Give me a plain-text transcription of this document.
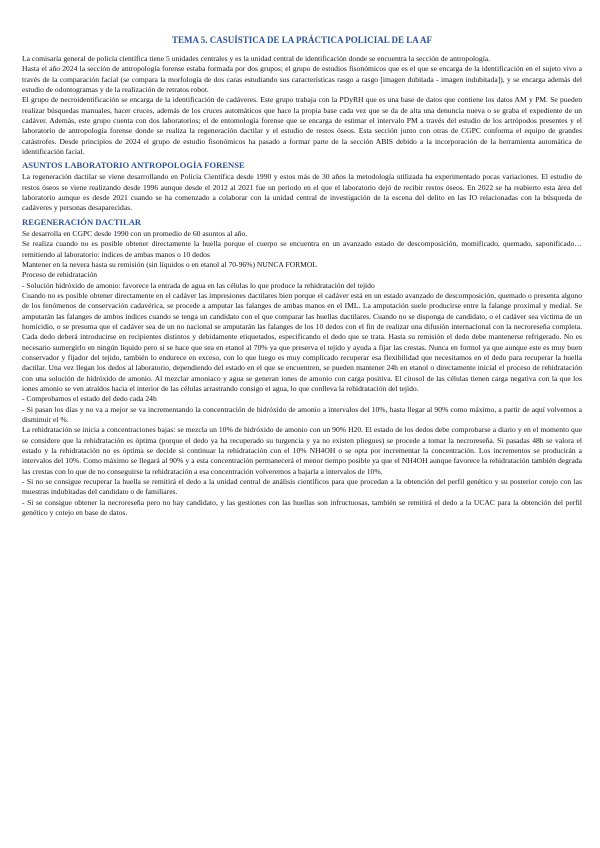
TEMA 5. CASUÍSTICA DE LA PRÁCTICA POLICIAL DE LA AF

La comisaría general de policía científica tiene 5 unidades centrales y es la unidad central de identificación donde se encuentra la sección de antropología.

Hasta el año 2024 la sección de antropología forense estaba formada por dos grupos; el grupo de estudios fisonómicos que es el que se encarga de la identificación en el sujeto vivo a través de la comparación facial (se compara la morfología de dos caras estudiando sus características rasgo a rasgo [imagen dubitada - imagen indubitada]), y se encarga además del estudio de odontogramas y de la realización de retratos robot.

El grupo de necroidentificación se encarga de la identificación de cadáveres. Este grupo trabaja con la PDyRH que es una base de datos que contiene los datos AM y PM. Se pueden realizar búsquedas manuales, hacer cruces, además de los cruces automáticos que hace la propia base cada vez que se da de alta una denuncia nueva o se graba el expediente de un cadáver. Además, este grupo cuenta con dos laboratorios; el de entomología forense que se encarga de estimar el intervalo PM a través del estudio de los artrópodos presentes y el laboratorio de antropología forense donde se realiza la regeneración dactilar y el estudio de restos óseos. Esta sección junto con otras de CGPC conforma el equipo de grandes catástrofes. Desde principios de 2024 el grupo de estudio fisonómicos ha pasado a formar parte de la sección ABIS debido a la incorporación de la herramienta automática de identificación facial.

ASUNTOS LABORATORIO ANTROPOLOGÍA FORENSE

La regeneración dactilar se viene desarrollando en Policía Científica desde 1990 y estos más de 30 años la metodología utilizada ha experimentado pocas variaciones. El estudio de restos óseos se viene realizando desde 1996 aunque desde el 2012 al 2021 fue un periodo en el que el laboratorio dejó de recibir restos óseos. En 2022 se ha reabierto esta área del laboratorio aunque es desde 2021 cuando se ha comenzado a colaborar con la unidad central de investigación de la escena del delito en las IO relacionadas con la búsqueda de cadáveres y personas desaparecidas.

REGENERACIÓN DACTILAR

Se desarrolla en CGPC desde 1990 con un promedio de 60 asuntos al año.

Se realiza cuando no es posible obtener directamente la huella porque el cuerpo se encuentra en un avanzado estado de descomposición, momificado, quemado, saponificado… remitiendo al laboratorio: índices de ambas manos o 10 dedos

Mantener en la nevera hasta su remisión (sin líquidos o en etanol al 70-96%) NUNCA FORMOL

Proceso de rehidratación

- Solución hidróxido de amonio: favorece la entrada de agua en las células lo que produce la rehidratación del tejido

Cuando no es posible obtener directamente en el cadáver las impresiones dactilares bien porque el cadáver está en un estado avanzado de descomposición, quemado o presenta alguno de los fenómenos de conservación cadavérica, se procede a amputar las falanges de ambas manos en el IML. La amputación suele producirse entre la falange proximal y medial. Se amputarán las falanges de ambos índices cuando se tenga un candidato con el que comparar las huellas dactilares. Cuando no se disponga de candidato, o el cadáver sea víctima de un homicidio, o se presuma que el cadáver sea de un no nacional se amputarán las falanges de los 10 dedos con el fin de realizar una difusión internacional con la necroreseña completa. Cada dedo deberá introducirse en recipientes distintos y debidamente etiquetados, especificando el dedo que se trata. Hasta su remisión el dedo debe mantenerse refrigerado. No es necesario sumergirlo en ningún líquido pero si se hace que sea en etanol al 70% ya que preserva el tejido y ayuda a fijar las crestas. Nunca en formol ya que aunque este es muy buen conservador y fijador del tejido, también lo endurece en exceso, con lo que luego es muy complicado recuperar esa flexibilidad que necesitamos en el dedo para recuperar la huella dactilar. Una vez llegan los dedos al laboratorio, dependiendo del estado en el que se encuentren, se pueden mantener 24h en etanol o directamente inicial el proceso de rehidratación con una solución de hidróxido de amonio. Al mezclar amoniaco y agua se generan iones de amonio con carga positiva. El citosol de las células tienen carga negativa con la que los iones amonio se ven atraídos hacia el interior de las células arrastrando consigo el agua, lo que conlleva la rehidratación del tejido.

- Comprobamos el estado del dedo cada 24h

- Si pasan los días y no va a mejor se va incrementando la concentración de hidróxido de amonio a intervalos del 10%, hasta llegar al 90% como máximo, a partir de aquí volvemos a disminuir el %.

La rehidratación se inicia a concentraciones bajas: se mezcla un 10% de hidróxido de amonio con un 90% H20. El estado de los dedos debe comprobarse a diario y en el momento que se considere que la rehidratación es óptima (porque el dedo ya ha recuperado su turgencia y ya no existen pliegues) se procede a tomar la necroreseña. Si pasadas 48h se valora el estado y la rehidratación no es óptima se decide si continuar la rehidratación con el 10% NH4OH o se opta por incrementar la concentración. Los incrementos se producirán a intervalos del 10%. Como máximo se llegará al 90% y a esta concentración permanecerá el menor tiempo posible ya que el NH4OH aunque favorece la rehidratación también degrada las crestas con lo que de no conseguirse la rehidratación a esa concentración volveremos a bajarla a intervalos de 10%.

- Si no se consigue recuperar la huella se remitirá el dedo a la unidad central de análisis científicos para que procedan a la obtención del perfil genético y su posterior cotejo con las muestras indubitadas del candidato o de familiares.

- Si se consigue obtener la necroreseña pero no hay candidato, y las gestiones con las huellas son infructuosas, también se remitirá el dedo a la UCAC para la obtención del perfil genético y cotejo en base de datos.
